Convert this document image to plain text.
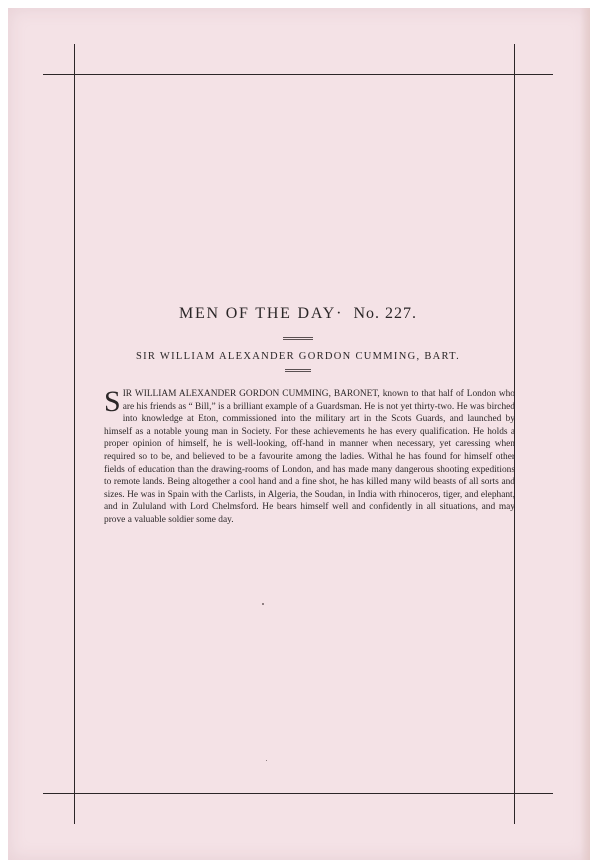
MEN OF THE DAY· No. 227.

SIR WILLIAM ALEXANDER GORDON CUMMING, BART.

SIR WILLIAM ALEXANDER GORDON CUMMING, BARONET, known to that half of London who are his friends as “ Bill,” is a brilliant example of a Guardsman. He is not yet thirty-two. He was birched into knowledge at Eton, commissioned into the military art in the Scots Guards, and launched by himself as a notable young man in Society. For these achievements he has every qualification. He holds a proper opinion of himself, he is well-looking, off-hand in manner when necessary, yet caressing when required so to be, and believed to be a favourite among the ladies. Withal he has found for himself other fields of education than the drawing-rooms of London, and has made many dangerous shooting expeditions to remote lands. Being altogether a cool hand and a fine shot, he has killed many wild beasts of all sorts and sizes. He was in Spain with the Carlists, in Algeria, the Soudan, in India with rhinoceros, tiger, and elephant, and in Zululand with Lord Chelmsford. He bears himself well and confidently in all situations, and may prove a valuable soldier some day.
